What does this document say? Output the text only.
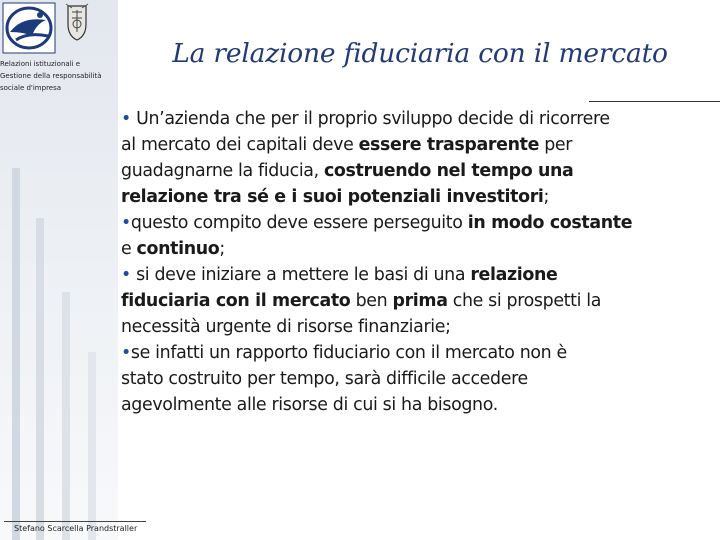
Relazioni istituzionali e
Gestione della responsabilità
sociale d'impresa
La relazione fiduciaria con il mercato
• Un’azienda che per il proprio sviluppo decide di ricorrere
al mercato dei capitali deve essere trasparente per
guadagnarne la fiducia, costruendo nel tempo una
relazione tra sé e i suoi potenziali investitori;
•questo compito deve essere perseguito in modo costante
e continuo;
• si deve iniziare a mettere le basi di una relazione
fiduciaria con il mercato ben prima che si prospetti la
necessità urgente di risorse finanziarie;
•se infatti un rapporto fiduciario con il mercato non è
stato costruito per tempo, sarà difficile accedere
agevolmente alle risorse di cui si ha bisogno.
Stefano Scarcella Prandstraller
